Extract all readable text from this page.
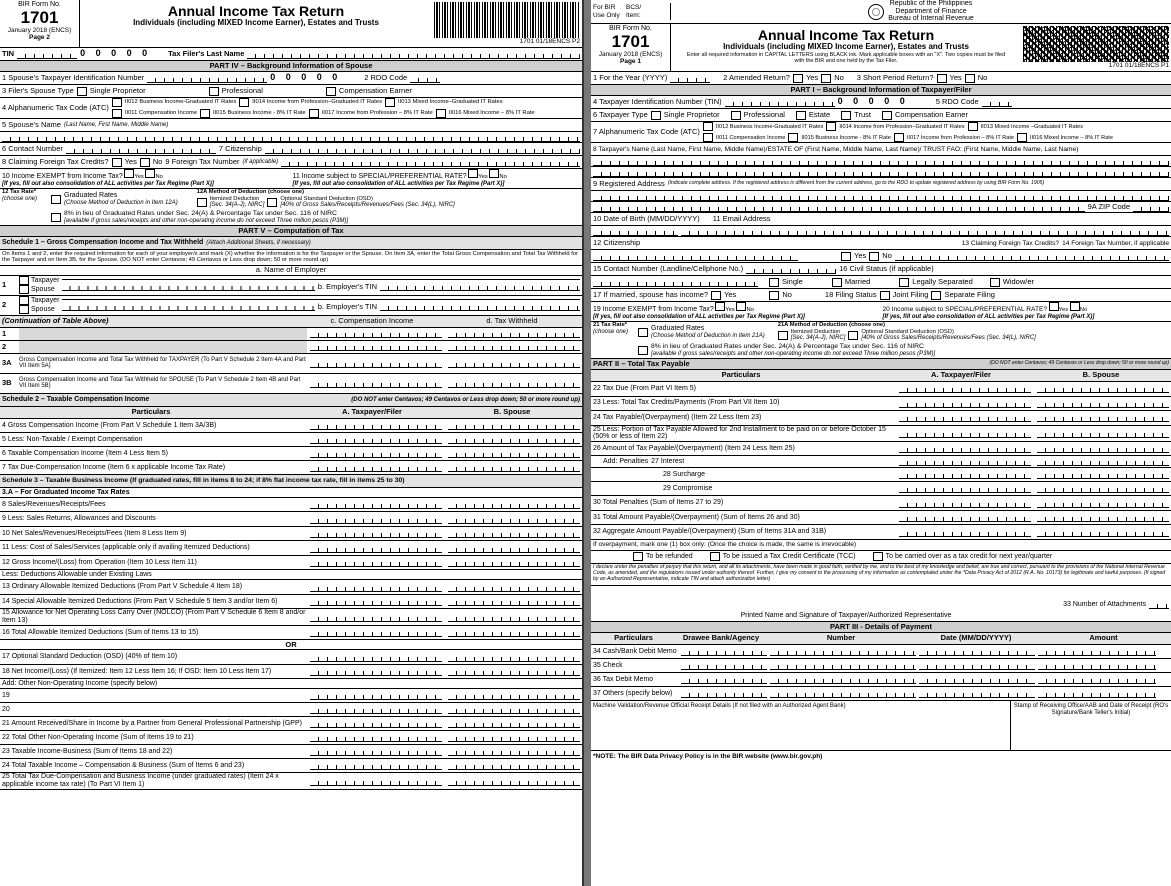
BIR Form No.
1701
January 2018 (ENCS)
Page 2
Annual Income Tax Return
Individuals (including MIXED Income Earner), Estates and Trusts
1701 01/18ENCS P2
TIN	0 0 0 0 0 Tax Filer's Last Name
PART IV – Background Information of Spouse
1 Spouse's Taxpayer Identification Number	0 0 0 0 0	2 RDO Code
3 Filer's Spouse Type Single Proprietor	Professional	Compensation Earner
4 Alphanumeric Tax Code (ATC)
II012 Business Income-Graduated IT Rates	II014 Income from Profession–Graduated IT Rates	II013 Mixed Income–Graduated IT Rates
II011 Compensation Income	II015 Business Income - 8% IT Rate	II017 Income from Profession – 8% IT Rate	II016 Mixed Income – 8% IT Rate
5 Spouse's Name (Last Name, First Name, Middle Name)
6 Contact Number	7 Citizenship
8 Claiming Foreign Tax Credits? Yes No 9 Foreign Tax Number (if applicable)
10 Income EXEMPT from Income Tax? Yes No
[If yes, fill out also consolidation of ALL activities per Tax Regime (Part X)]
11 Income subject to SPECIAL/PREFERENTIAL RATE? Yes No
[If yes, fill out also consolidation of ALL activities per Tax Regime (Part X)]
12 Tax Rate*
(choose one)
Graduated Rates
(Choose Method of Deduction in Item 12A)
12A Method of Deduction (choose one)
Itemized Deduction
[Sec. 34(A-J), NIRC]
Optional Standard Deduction (OSD)
[40% of Gross Sales/Receipts/Revenues/Fees (Sec. 34(L), NIRC]
8% in lieu of Graduated Rates under Sec. 24(A) & Percentage Tax under Sec. 116 of NIRC
[available if gross sales/receipts and other non-operating income do not exceed Three million pesos (P3M)]
PART V – Computation of Tax
Schedule 1 – Gross Compensation Income and Tax Withheld (Attach Additional Sheets, if necessary)
On Items 1 and 2, enter the required information for each of your employer/s and mark (X) whether the information is for the Taxpayer or the Spouse. On Item 3A, enter the Total Gross Compensation and Total Tax Withheld for the Taxpayer and on Item 3B, for the Spouse. (DO NOT enter Centavos; 49 Centavos or Less drop down; 50 or more round up)
a. Name of Employer
1	Taxpayer
Spouse	b. Employer's TIN
2	Taxpayer
Spouse	b. Employer's TIN
(Continuation of Table Above)	c. Compensation Income	d. Tax Withheld
1
2
3A	Gross Compensation Income and Total Tax Withheld for TAXPAYER (To Part V Schedule 2 Item 4A and Part VII Item 5A)
3B	Gross Compensation Income and Total Tax Withheld for SPOUSE (To Part V Schedule 2 Item 4B and Part VII Item 5B)
Schedule 2 – Taxable Compensation Income	(DO NOT enter Centavos; 49 Centavos or Less drop down; 50 or more round up)
Particulars	A. Taxpayer/Filer	B. Spouse
4 Gross Compensation Income (From Part V Schedule 1 Item 3A/3B)
5 Less: Non-Taxable / Exempt Compensation
6 Taxable Compensation Income (Item 4 Less Item 5)
7 Tax Due-Compensation Income (Item 6 x applicable Income Tax Rate)
Schedule 3 – Taxable Business Income (If graduated rates, fill in items 8 to 24; if 8% flat income tax rate, fill in items 25 to 30)
3.A – For Graduated Income Tax Rates
8 Sales/Revenues/Receipts/Fees
9 Less: Sales Returns, Allowances and Discounts
10 Net Sales/Revenues/Receipts/Fees (Item 8 Less Item 9)
11 Less: Cost of Sales/Services (applicable only if availing Itemized Deductions)
12 Gross Income/(Loss) from Operation (Item 10 Less Item 11)
Less: Deductions Allowable under Existing Laws
13 Ordinary Allowable Itemized Deductions (From Part V Schedule 4 Item 18)
14 Special Allowable Itemized Deductions (From Part V Schedule 5 Item 3 and/or Item 6)
15 Allowance for Net Operating Loss Carry Over (NOLCO) (From Part V Schedule 6 Item 8 and/or Item 13)
16 Total Allowable Itemized Deductions (Sum of Items 13 to 15)
OR
17 Optional Standard Deduction (OSD) (40% of Item 10)
18 Net Income/(Loss) (If Itemized: Item 12 Less Item 16; If OSD: Item 10 Less Item 17)
Add: Other Non-Operating Income (specify below)
19
20
21 Amount Received/Share in Income by a Partner from General Professional Partnership (GPP)
22 Total Other Non-Operating Income (Sum of Items 19 to 21)
23 Taxable Income-Business (Sum of Items 18 and 22)
24 Total Taxable Income – Compensation & Business (Sum of Items 6 and 23)
25 Total Tax Due-Compensation and Business Income (under graduated rates) (Item 24 x applicable income tax rate) (To Part VI Item 1)
For BIR Use Only
BCS/ Item:
Republic of the Philippines
Department of Finance
Bureau of Internal Revenue
BIR Form No.
1701
January 2018 (ENCS)
Page 1
Annual Income Tax Return
Individuals (including MIXED Income Earner), Estates and Trusts
Enter all required information in CAPITAL LETTERS using BLACK ink. Mark applicable boxes with an "X". Two copies must be filed with the BIR and one held by the Tax Filer.
1701 01/18ENCS P1
1 For the Year (YYYY)	2 Amended Return? Yes No 3 Short Period Return? Yes No
PART I – Background Information of Taxpayer/Filer
4 Taxpayer Identification Number (TIN)	0 0 0 0 0	5 RDO Code
6 Taxpayer Type Single Proprietor	Professional	Estate	Trust	Compensation Earner
7 Alphanumeric Tax Code (ATC)
II012 Business Income-Graduated IT Rates	II014 Income from Profession–Graduated IT Rates	II013 Mixed Income –Graduated IT Rates
II011 Compensation Income	II015 Business Income - 8% IT Rate	II017 Income from Profession – 8% IT Rate	II016 Mixed Income – 8% IT Rate
8 Taxpayer's Name (Last Name, First Name, Middle Name)/ESTATE OF (First Name, Middle Name, Last Name)/ TRUST FAO: (First Name, Middle Name, Last Name)
9 Registered Address (Indicate complete address. If the registered address is different from the current address, go to the RDO to update registered address by using BIR Form No. 1905)
9A ZIP Code
10 Date of Birth (MM/DD/YYYY) 11 Email Address
12 Citizenship	13 Claiming Foreign Tax Credits? 14 Foreign Tax Number, if applicable
Yes No
15 Contact Number (Landline/Cellphone No.)	16 Civil Status (if applicable)
Single	Married	Legally Separated	Widow/er
17 If married, spouse has income? Yes	No	18 Filing Status Joint Filing Separate Filing
19 Income EXEMPT from Income Tax? Yes No
[If yes, fill out also consolidation of ALL activities per Tax Regime (Part X)]
20 Income subject to SPECIAL/PREFERENTIAL RATE? Yes No
[If yes, fill out also consolidation of ALL activities per Tax Regime (Part X)]
21 Tax Rate*
(choose one)
Graduated Rates
(Choose Method of Deduction in Item 21A)
21A Method of Deduction (choose one)
Itemized Deduction
[Sec. 34(A-J), NIRC]
Optional Standard Deduction (OSD)
[40% of Gross Sales/Receipts/Revenues/Fees (Sec. 34(L), NIRC]
8% in lieu of Graduated Rates under Sec. 24(A) & Percentage Tax under Sec. 116 of NIRC
[available if gross sales/receipts and other non-operating income do not exceed Three million pesos (P3M)]
PART II – Total Tax Payable	(DO NOT enter Centavos; 49 Centavos or Less drop down; 50 or more round up)
Particulars	A. Taxpayer/Filer	B. Spouse
22 Tax Due (From Part VI Item 5)
23 Less: Total Tax Credits/Payments (From Part VII Item 10)
24 Tax Payable/(Overpayment) (Item 22 Less Item 23)
25 Less: Portion of Tax Payable Allowed for 2nd Installment to be paid on or before October 15 (50% or less of Item 22)
26 Amount of Tax Payable/(Overpayment) (Item 24 Less Item 25)
Add: Penalties 27 Interest
28 Surcharge
29 Compromise
30 Total Penalties (Sum of Items 27 to 29)
31 Total Amount Payable/(Overpayment) (Sum of Items 26 and 30)
32 Aggregate Amount Payable/(Overpayment) (Sum of Items 31A and 31B)
If overpayment, mark one (1) box only: (Once the choice is made, the same is irrevocable)
To be refunded	To be issued a Tax Credit Certificate (TCC)	To be carried over as a tax credit for next year/quarter
I declare under the penalties of perjury that this return, and all its attachments, have been made in good faith, verified by me, and to the best of my knowledge and belief, are true and correct, pursuant to the provisions of the National Internal Revenue Code, as amended, and the regulations issued under authority thereof. Further, I give my consent to the processing of my information as contemplated under the *Data Privacy Act of 2012 (R.A. No. 10173) for legitimate and lawful purposes. (If signed by an Authorized Representative, indicate TIN and attach authorization letter)
33 Number of Attachments
Printed Name and Signature of Taxpayer/Authorized Representative
PART III - Details of Payment
Particulars	Drawee Bank/Agency	Number	Date (MM/DD/YYYY)	Amount
34 Cash/Bank Debit Memo
35 Check
36 Tax Debit Memo
37 Others (specify below)
Machine Validation/Revenue Official Receipt Details (If not filed with an Authorized Agent Bank)	Stamp of Receiving Office/AAB and Date of Receipt (RO's Signature/Bank Teller's Initial)
*NOTE: The BIR Data Privacy Policy is in the BIR website (www.bir.gov.ph)
